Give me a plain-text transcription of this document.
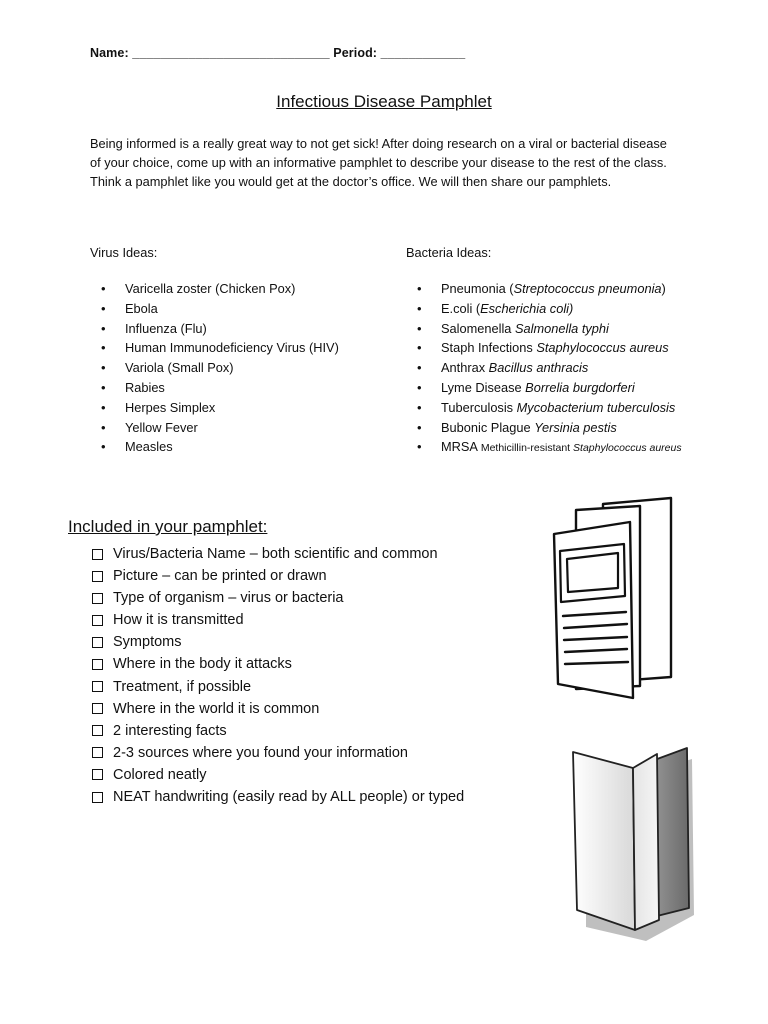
Name: ____________________________ Period: ____________
Infectious Disease Pamphlet
Being informed is a really great way to not get sick! After doing research on a viral or bacterial disease of your choice, come up with an informative pamphlet to describe your disease to the rest of the class. Think a pamphlet like you would get at the doctor’s office. We will then share our pamphlets.
Virus Ideas:	Bacteria Ideas:
• Varicella zoster (Chicken Pox)
• Ebola
• Influenza (Flu)
• Human Immunodeficiency Virus (HIV)
• Variola (Small Pox)
• Rabies
• Herpes Simplex
• Yellow Fever
• Measles
• Pneumonia (Streptococcus pneumonia)
• E.coli (Escherichia coli)
• Salomenella Salmonella typhi
• Staph Infections Staphylococcus aureus
• Anthrax Bacillus anthracis
• Lyme Disease Borrelia burgdorferi
• Tuberculosis Mycobacterium tuberculosis
• Bubonic Plague Yersinia pestis
• MRSA Methicillin-resistant Staphylococcus aureus
Included in your pamphlet:
Virus/Bacteria Name – both scientific and common
Picture – can be printed or drawn
Type of organism – virus or bacteria
How it is transmitted
Symptoms
Where in the body it attacks
Treatment, if possible
Where in the world it is common
2 interesting facts
2-3 sources where you found your information
Colored neatly
NEAT handwriting (easily read by ALL people) or typed
